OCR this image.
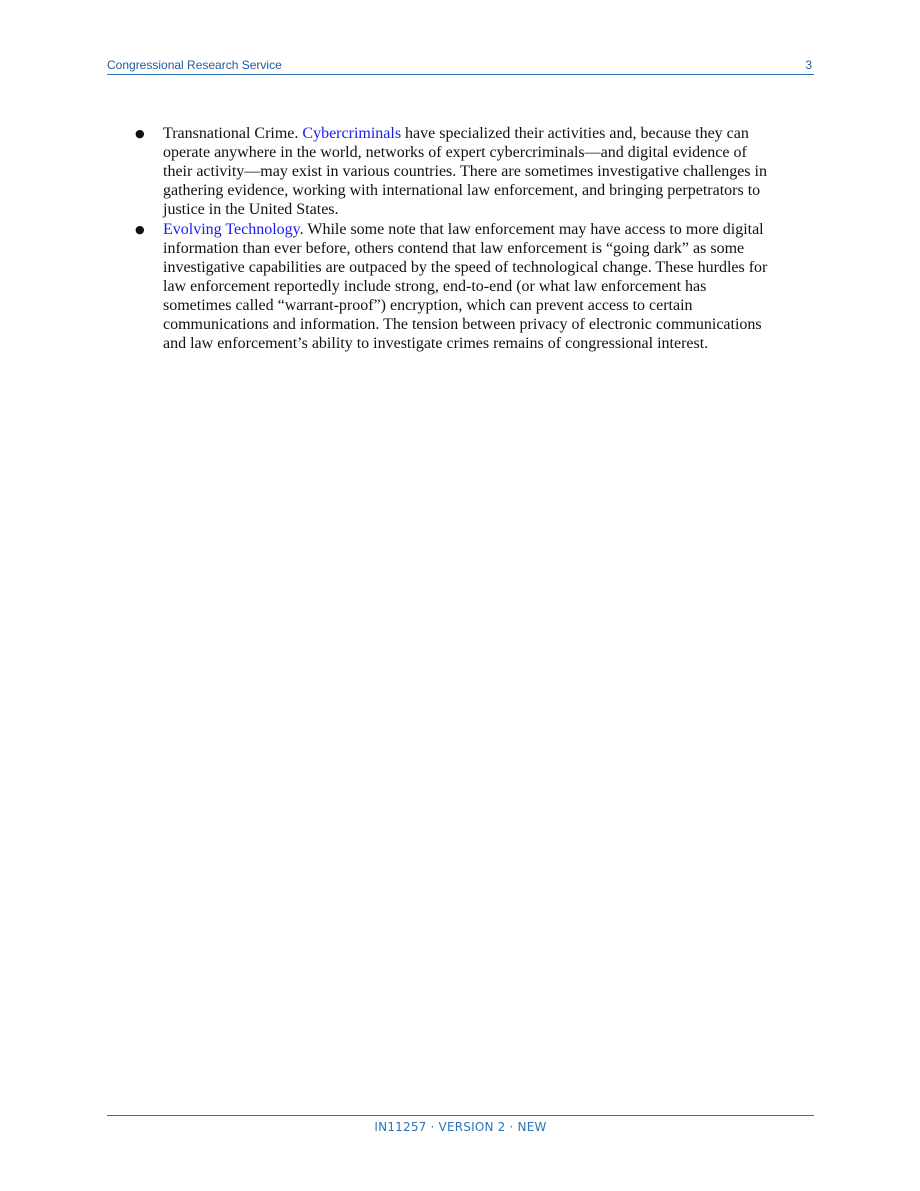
Congressional Research Service	3
● Transnational Crime. Cybercriminals have specialized their activities and, because they can operate anywhere in the world, networks of expert cybercriminals—and digital evidence of their activity—may exist in various countries. There are sometimes investigative challenges in gathering evidence, working with international law enforcement, and bringing perpetrators to justice in the United States.
● Evolving Technology. While some note that law enforcement may have access to more digital information than ever before, others contend that law enforcement is “going dark” as some investigative capabilities are outpaced by the speed of technological change. These hurdles for law enforcement reportedly include strong, end-to-end (or what law enforcement has sometimes called “warrant-proof”) encryption, which can prevent access to certain communications and information. The tension between privacy of electronic communications and law enforcement’s ability to investigate crimes remains of congressional interest.
IN11257 · VERSION 2 · NEW
